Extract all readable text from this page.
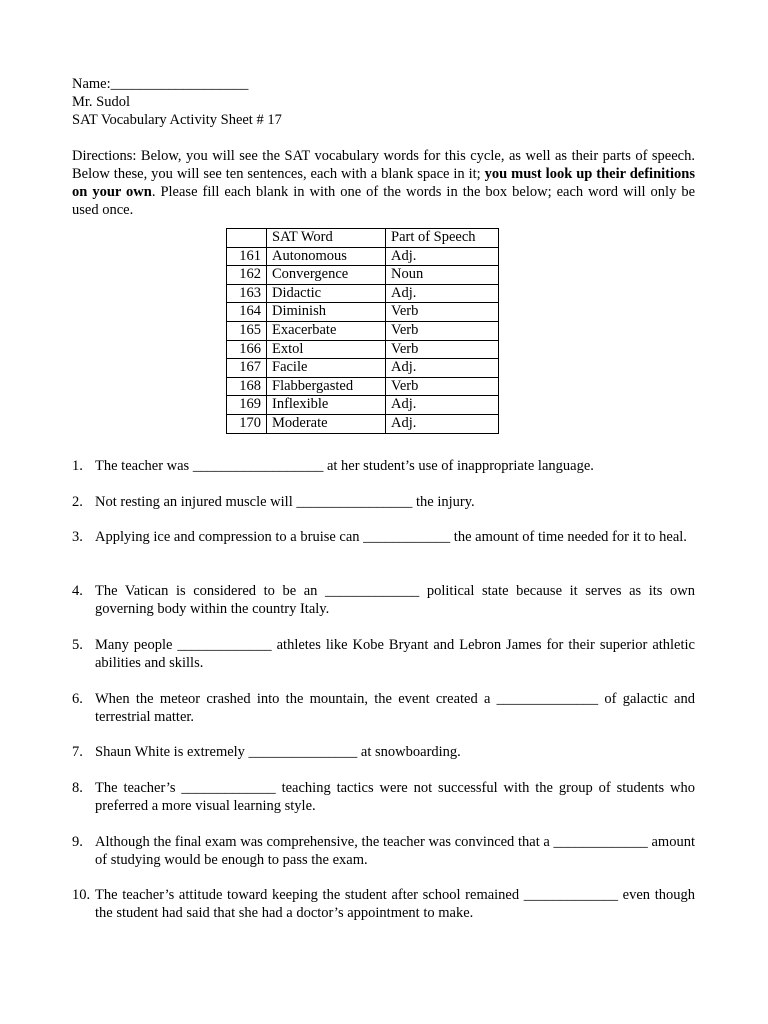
Name:___________________
Mr. Sudol
SAT Vocabulary Activity Sheet # 17
Directions: Below, you will see the SAT vocabulary words for this cycle, as well as their parts of speech. Below these, you will see ten sentences, each with a blank space in it; you must look up their definitions on your own. Please fill each blank in with one of the words in the box below; each word will only be used once.
	SAT Word	Part of Speech
161	Autonomous	Adj.
162	Convergence	Noun
163	Didactic	Adj.
164	Diminish	Verb
165	Exacerbate	Verb
166	Extol	Verb
167	Facile	Adj.
168	Flabbergasted	Verb
169	Inflexible	Adj.
170	Moderate	Adj.
1. The teacher was __________________ at her student’s use of inappropriate language.
2. Not resting an injured muscle will ________________ the injury.
3. Applying ice and compression to a bruise can ____________ the amount of time needed for it to heal.
4. The Vatican is considered to be an _____________ political state because it serves as its own governing body within the country Italy.
5. Many people _____________ athletes like Kobe Bryant and Lebron James for their superior athletic abilities and skills.
6. When the meteor crashed into the mountain, the event created a ______________ of galactic and terrestrial matter.
7. Shaun White is extremely _______________ at snowboarding.
8. The teacher’s _____________ teaching tactics were not successful with the group of students who preferred a more visual learning style.
9. Although the final exam was comprehensive, the teacher was convinced that a _____________ amount of studying would be enough to pass the exam.
10. The teacher’s attitude toward keeping the student after school remained _____________ even though the student had said that she had a doctor’s appointment to make.
